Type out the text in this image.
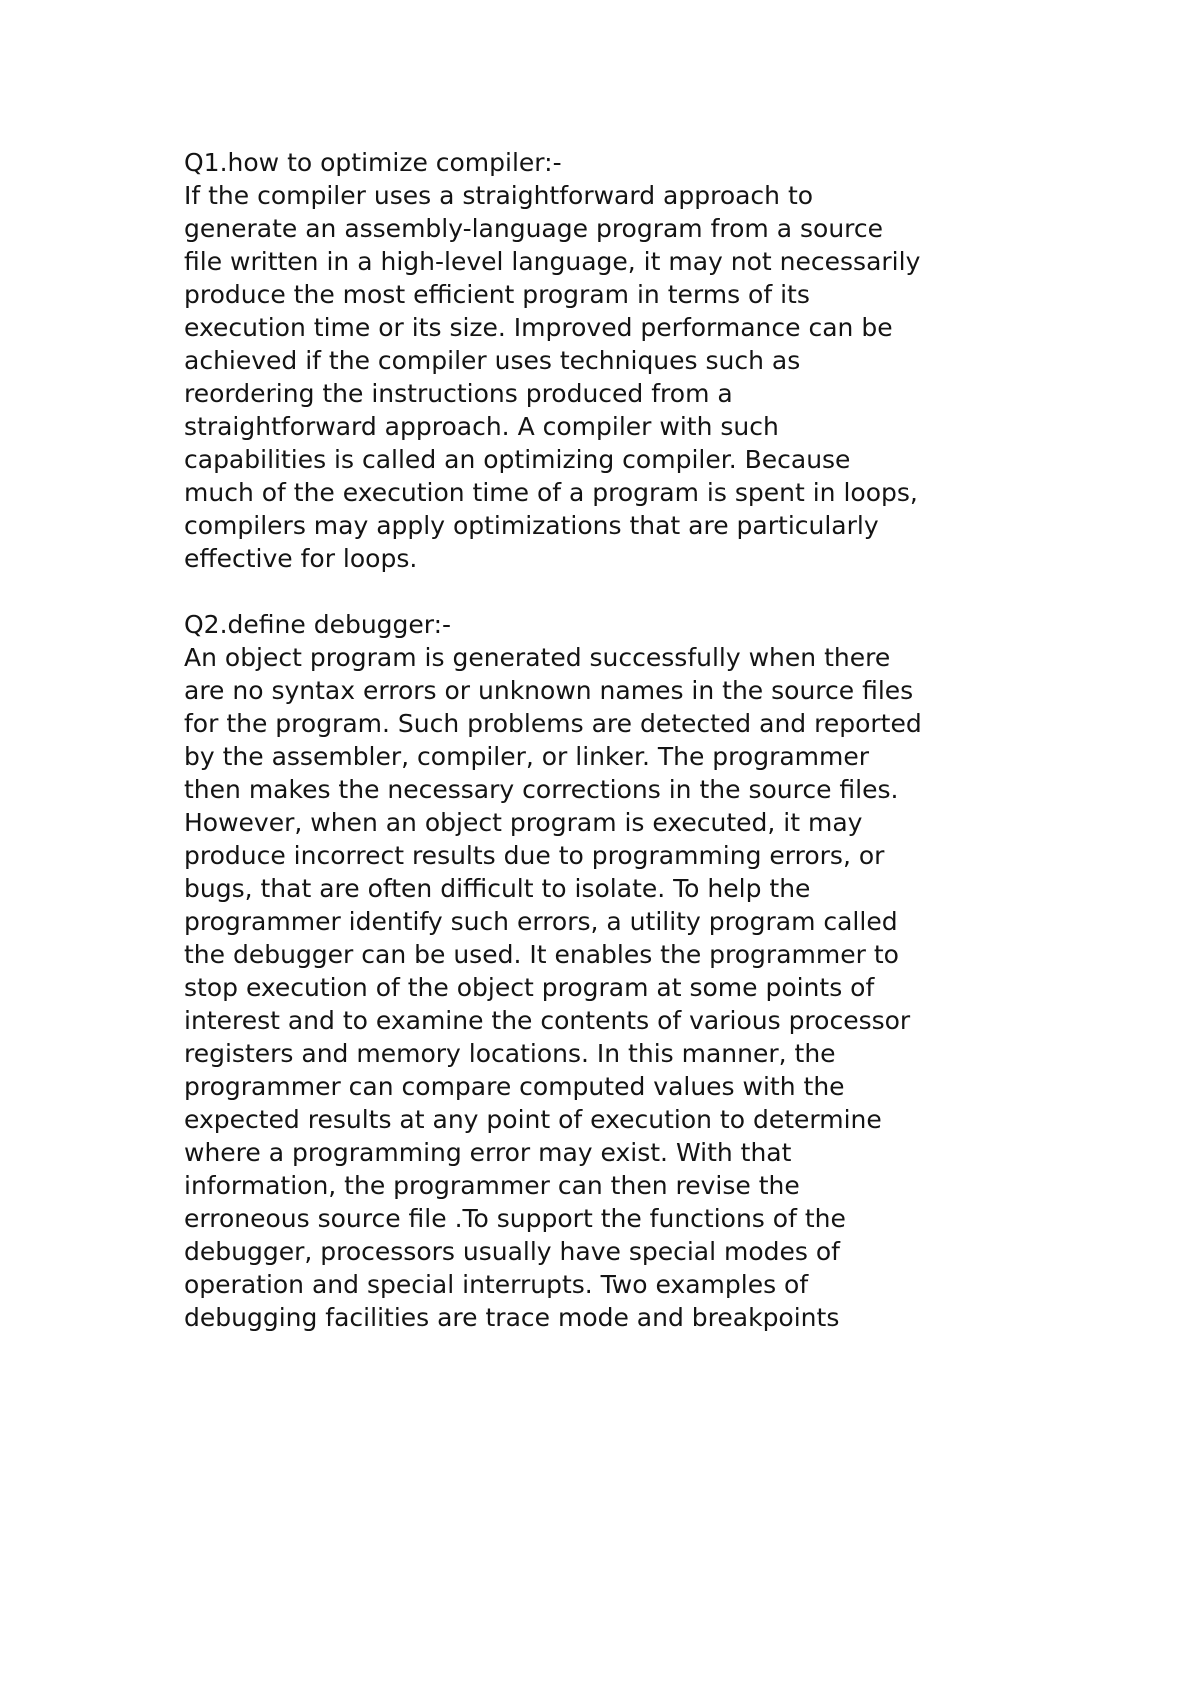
Q1.how to optimize compiler:-
If the compiler uses a straightforward approach to
generate an assembly-language program from a source
file written in a high-level language, it may not necessarily
produce the most efficient program in terms of its
execution time or its size. Improved performance can be
achieved if the compiler uses techniques such as
reordering the instructions produced from a
straightforward approach. A compiler with such
capabilities is called an optimizing compiler. Because
much of the execution time of a program is spent in loops,
compilers may apply optimizations that are particularly
effective for loops.
Q2.define debugger:-
An object program is generated successfully when there
are no syntax errors or unknown names in the source files
for the program. Such problems are detected and reported
by the assembler, compiler, or linker. The programmer
then makes the necessary corrections in the source files.
However, when an object program is executed, it may
produce incorrect results due to programming errors, or
bugs, that are often difficult to isolate. To help the
programmer identify such errors, a utility program called
the debugger can be used. It enables the programmer to
stop execution of the object program at some points of
interest and to examine the contents of various processor
registers and memory locations. In this manner, the
programmer can compare computed values with the
expected results at any point of execution to determine
where a programming error may exist. With that
information, the programmer can then revise the
erroneous source file .To support the functions of the
debugger, processors usually have special modes of
operation and special interrupts. Two examples of
debugging facilities are trace mode and breakpoints
